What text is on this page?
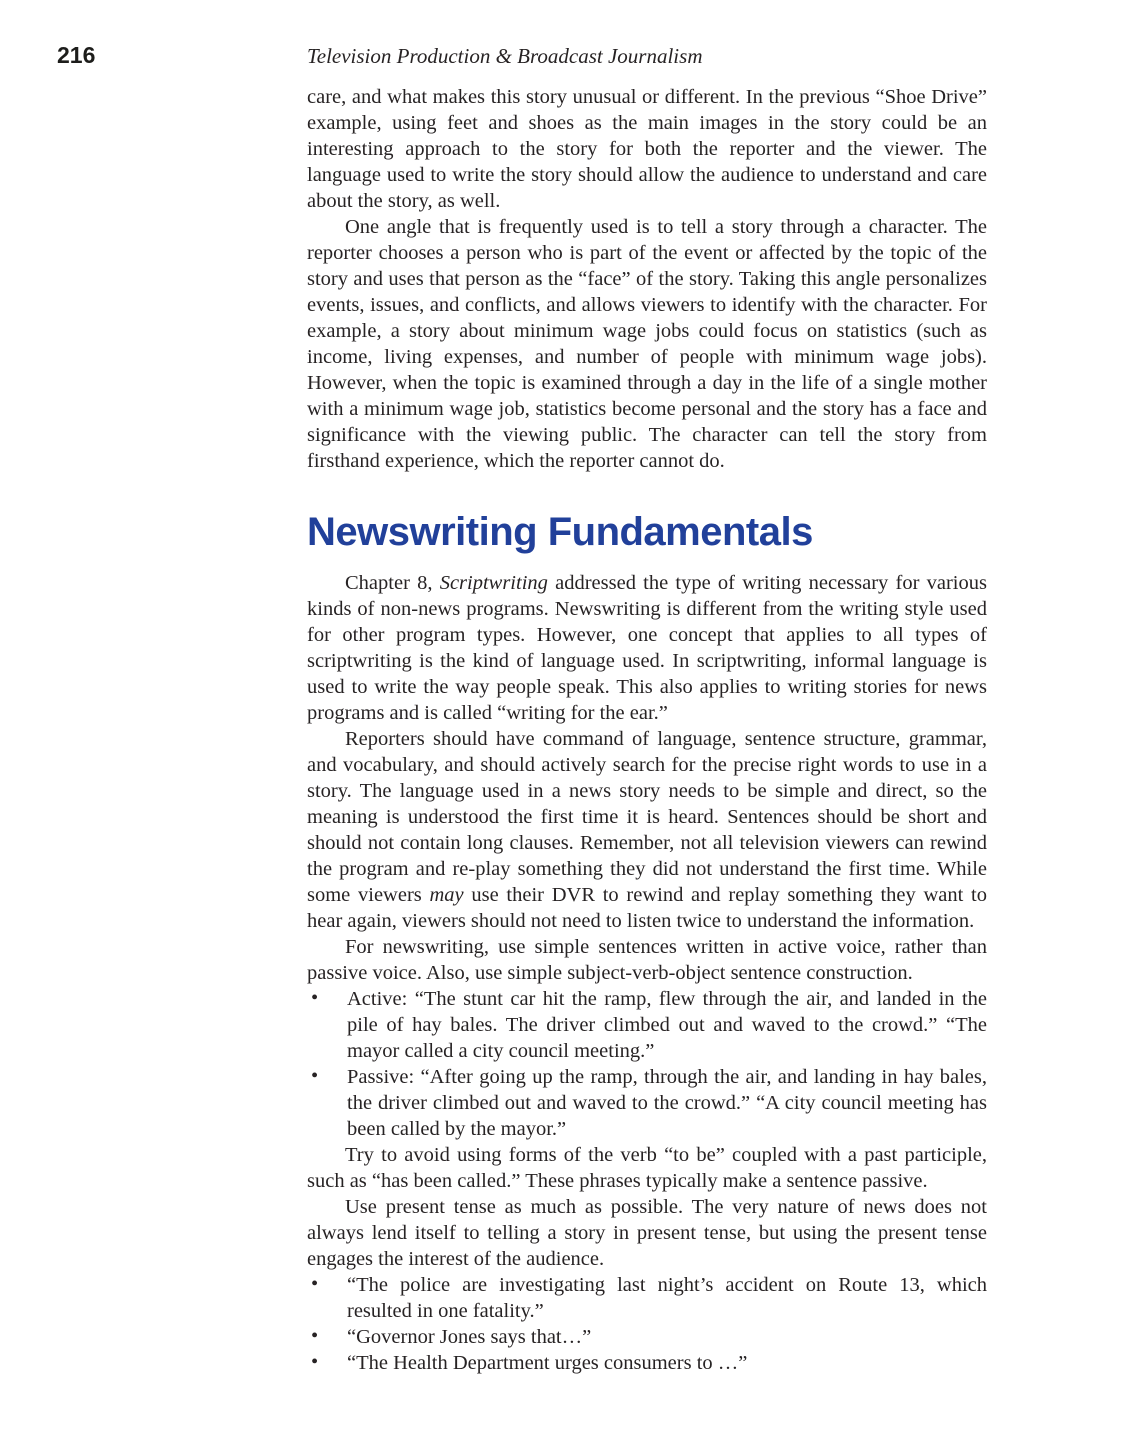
216	Television Production & Broadcast Journalism

care, and what makes this story unusual or different. In the previous “Shoe Drive” example, using feet and shoes as the main images in the story could be an interesting approach to the story for both the reporter and the viewer. The language used to write the story should allow the audience to understand and care about the story, as well.

One angle that is frequently used is to tell a story through a character. The reporter chooses a person who is part of the event or affected by the topic of the story and uses that person as the “face” of the story. Taking this angle personalizes events, issues, and conflicts, and allows viewers to identify with the character. For example, a story about minimum wage jobs could focus on statistics (such as income, living expenses, and number of people with minimum wage jobs). However, when the topic is examined through a day in the life of a single mother with a minimum wage job, statistics become personal and the story has a face and significance with the viewing public. The character can tell the story from firsthand experience, which the reporter cannot do.

Newswriting Fundamentals

Chapter 8, Scriptwriting addressed the type of writing necessary for various kinds of non-news programs. Newswriting is different from the writing style used for other program types. However, one concept that applies to all types of scriptwriting is the kind of language used. In scriptwriting, informal language is used to write the way people speak. This also applies to writing stories for news programs and is called “writing for the ear.”

Reporters should have command of language, sentence structure, grammar, and vocabulary, and should actively search for the precise right words to use in a story. The language used in a news story needs to be simple and direct, so the meaning is understood the first time it is heard. Sentences should be short and should not contain long clauses. Remember, not all television viewers can rewind the program and re-play something they did not understand the first time. While some viewers may use their DVR to rewind and replay something they want to hear again, viewers should not need to listen twice to understand the information.

For newswriting, use simple sentences written in active voice, rather than passive voice. Also, use simple subject-verb-object sentence construction.

• Active: “The stunt car hit the ramp, flew through the air, and landed in the pile of hay bales. The driver climbed out and waved to the crowd.” “The mayor called a city council meeting.”
• Passive: “After going up the ramp, through the air, and landing in hay bales, the driver climbed out and waved to the crowd.” “A city council meeting has been called by the mayor.”

Try to avoid using forms of the verb “to be” coupled with a past participle, such as “has been called.” These phrases typically make a sentence passive.

Use present tense as much as possible. The very nature of news does not always lend itself to telling a story in present tense, but using the present tense engages the interest of the audience.

• “The police are investigating last night’s accident on Route 13, which resulted in one fatality.”
• “Governor Jones says that…”
• “The Health Department urges consumers to …”
